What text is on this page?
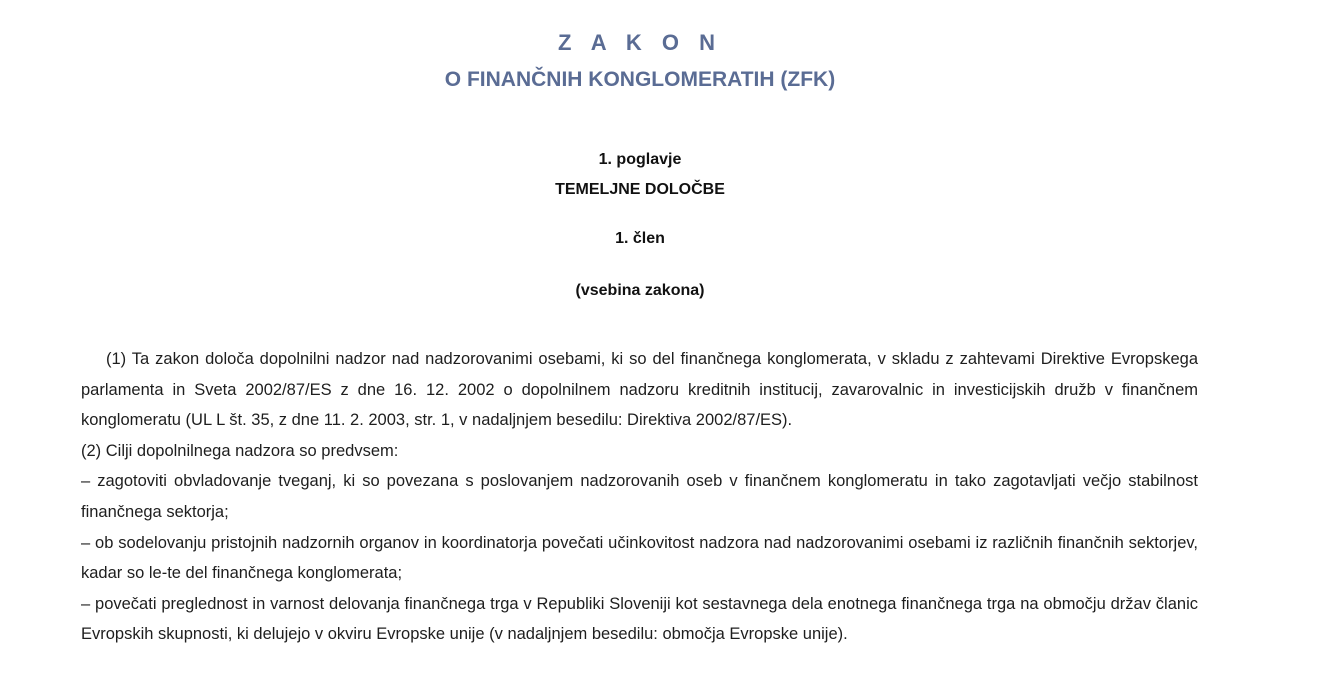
Z A K O N
O FINANČNIH KONGLOMERATIH (ZFK)
1. poglavje
TEMELJNE DOLOČBE
1. člen
(vsebina zakona)

(1) Ta zakon določa dopolnilni nadzor nad nadzorovanimi osebami, ki so del finančnega konglomerata, v skladu z zahtevami Direktive Evropskega parlamenta in Sveta 2002/87/ES z dne 16. 12. 2002 o dopolnilnem nadzoru kreditnih institucij, zavarovalnic in investicijskih družb v finančnem konglomeratu (UL L št. 35, z dne 11. 2. 2003, str. 1, v nadaljnjem besedilu: Direktiva 2002/87/ES).

(2) Cilji dopolnilnega nadzora so predvsem:

– zagotoviti obvladovanje tveganj, ki so povezana s poslovanjem nadzorovanih oseb v finančnem konglomeratu in tako zagotavljati večjo stabilnost finančnega sektorja;

– ob sodelovanju pristojnih nadzornih organov in koordinatorja povečati učinkovitost nadzora nad nadzorovanimi osebami iz različnih finančnih sektorjev, kadar so le-te del finančnega konglomerata;

– povečati preglednost in varnost delovanja finančnega trga v Republiki Sloveniji kot sestavnega dela enotnega finančnega trga na območju držav članic Evropskih skupnosti, ki delujejo v okviru Evropske unije (v nadaljnjem besedilu: območja Evropske unije).
